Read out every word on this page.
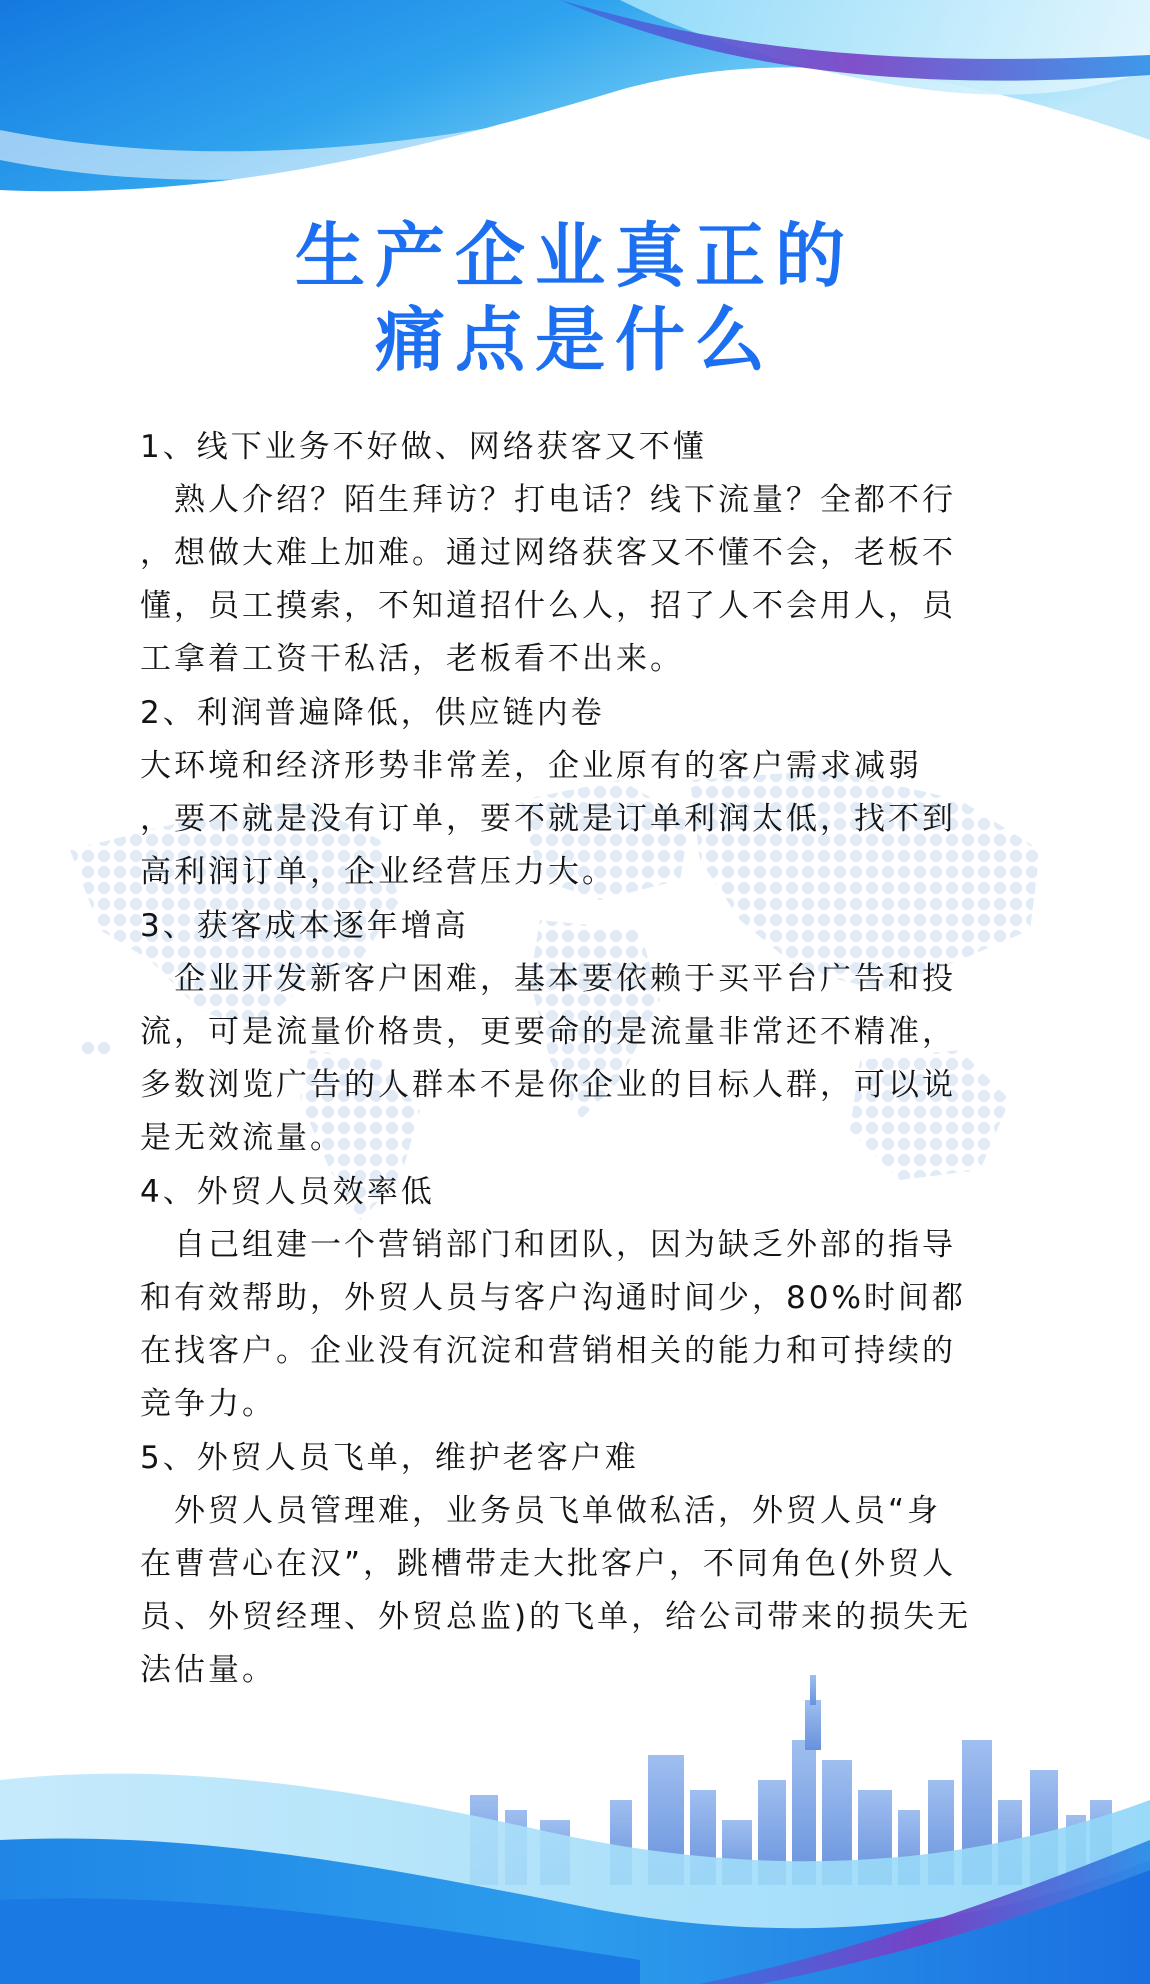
生产企业真正的
痛点是什么

1、线下业务不好做、网络获客又不懂

　熟人介绍？陌生拜访？打电话？线下流量？全都不行
，想做大难上加难。通过网络获客又不懂不会，老板不
懂，员工摸索，不知道招什么人，招了人不会用人，员
工拿着工资干私活，老板看不出来。

2、利润普遍降低，供应链内卷

大环境和经济形势非常差，企业原有的客户需求减弱
，要不就是没有订单，要不就是订单利润太低，找不到
高利润订单，企业经营压力大。

3、获客成本逐年增高

　企业开发新客户困难，基本要依赖于买平台广告和投
流，可是流量价格贵，更要命的是流量非常还不精准，
多数浏览广告的人群本不是你企业的目标人群，可以说
是无效流量。

4、外贸人员效率低

　自己组建一个营销部门和团队，因为缺乏外部的指导
和有效帮助，外贸人员与客户沟通时间少，80%时间都
在找客户。企业没有沉淀和营销相关的能力和可持续的
竞争力。

5、外贸人员飞单，维护老客户难

　外贸人员管理难，业务员飞单做私活，外贸人员“身
在曹营心在汉”，跳槽带走大批客户，不同角色(外贸人
员、外贸经理、外贸总监)的飞单，给公司带来的损失无
法估量。
